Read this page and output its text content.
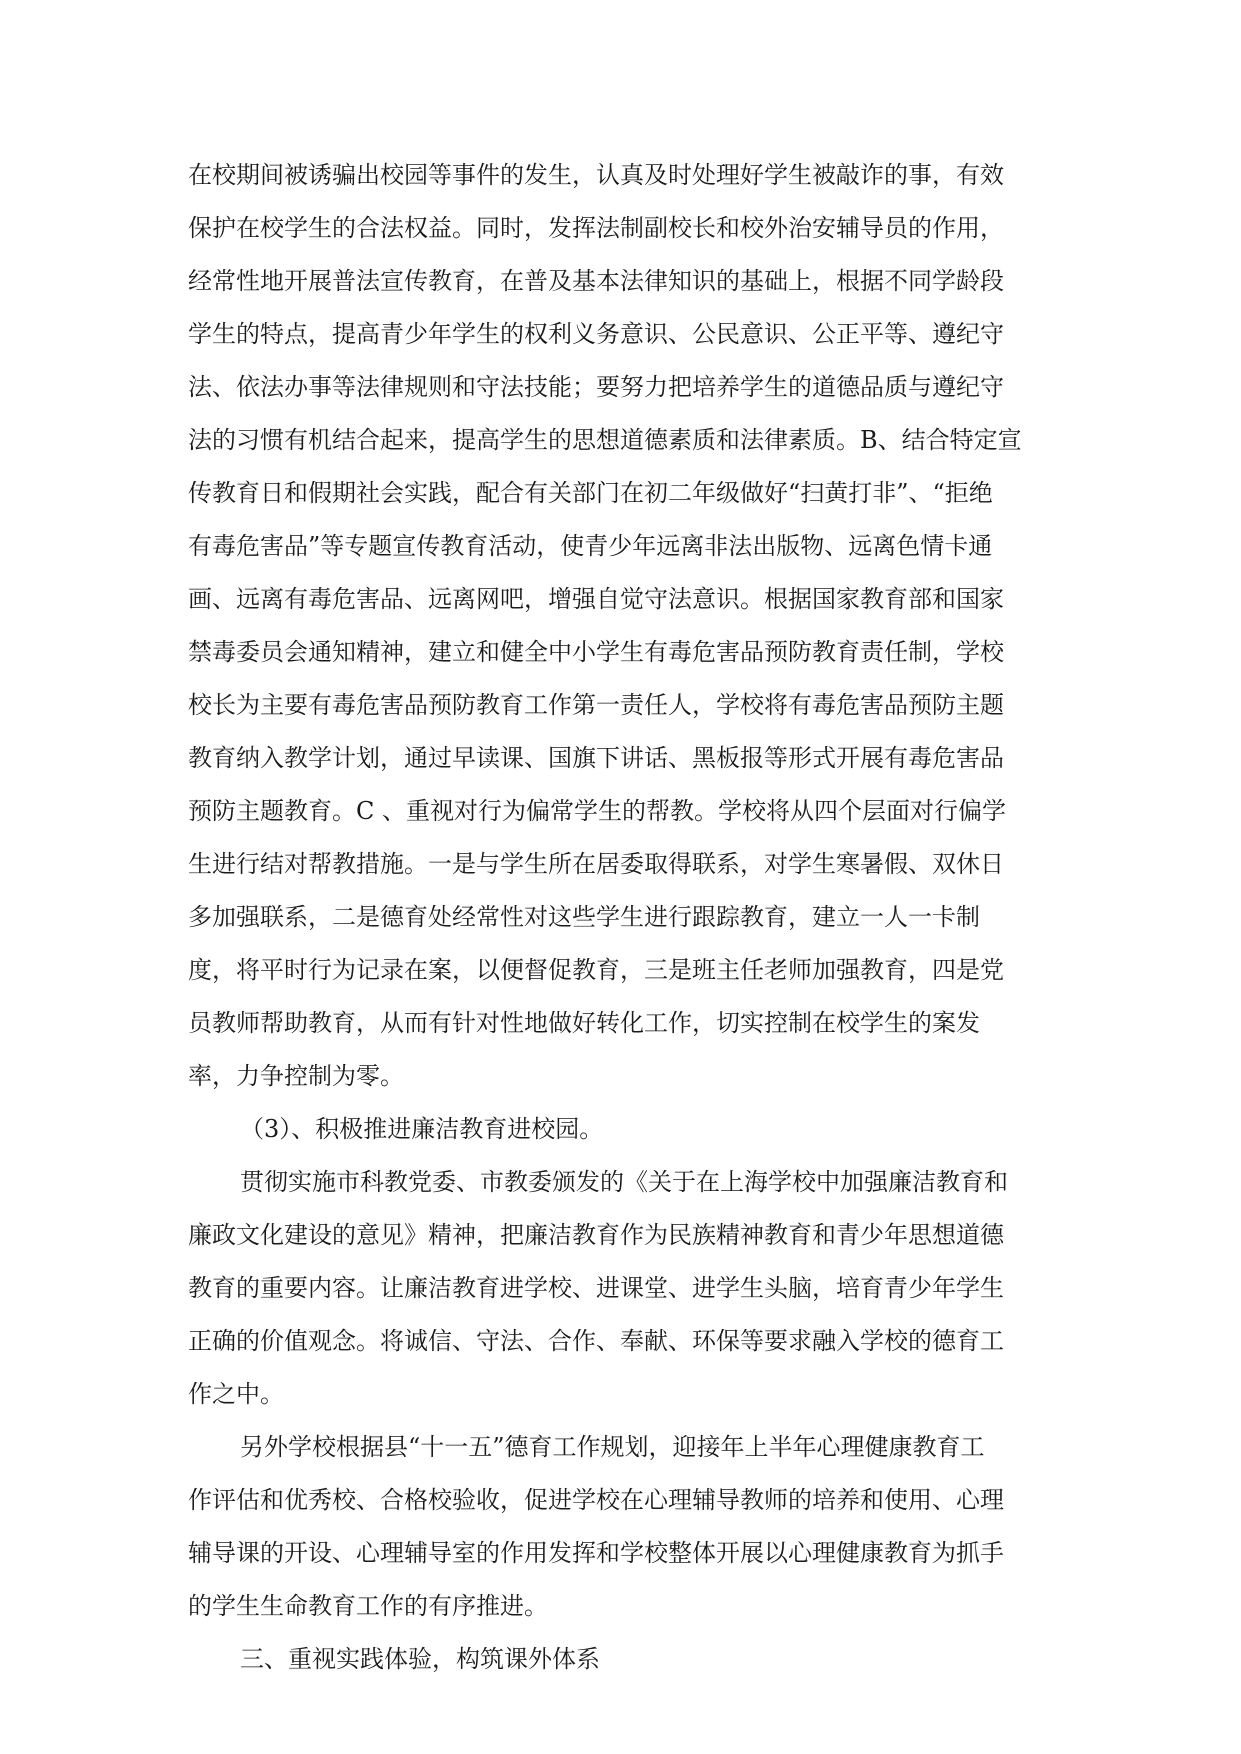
在校期间被诱骗出校园等事件的发生，认真及时处理好学生被敲诈的事，有效

保护在校学生的合法权益。同时，发挥法制副校长和校外治安辅导员的作用，

经常性地开展普法宣传教育，在普及基本法律知识的基础上，根据不同学龄段

学生的特点，提高青少年学生的权利义务意识、公民意识、公正平等、遵纪守

法、依法办事等法律规则和守法技能；要努力把培养学生的道德品质与遵纪守

法的习惯有机结合起来，提高学生的思想道德素质和法律素质。B、结合特定宣

传教育日和假期社会实践，配合有关部门在初二年级做好“扫黄打非”、“拒绝

有毒危害品”等专题宣传教育活动，使青少年远离非法出版物、远离色情卡通

画、远离有毒危害品、远离网吧，增强自觉守法意识。根据国家教育部和国家

禁毒委员会通知精神，建立和健全中小学生有毒危害品预防教育责任制，学校

校长为主要有毒危害品预防教育工作第一责任人，学校将有毒危害品预防主题

教育纳入教学计划，通过早读课、国旗下讲话、黑板报等形式开展有毒危害品

预防主题教育。C 、重视对行为偏常学生的帮教。学校将从四个层面对行偏学

生进行结对帮教措施。一是与学生所在居委取得联系，对学生寒暑假、双休日

多加强联系，二是德育处经常性对这些学生进行跟踪教育，建立一人一卡制

度，将平时行为记录在案，以便督促教育，三是班主任老师加强教育，四是党

员教师帮助教育，从而有针对性地做好转化工作，切实控制在校学生的案发

率，力争控制为零。

（3）、积极推进廉洁教育进校园。

贯彻实施市科教党委、市教委颁发的《关于在上海学校中加强廉洁教育和

廉政文化建设的意见》精神，把廉洁教育作为民族精神教育和青少年思想道德

教育的重要内容。让廉洁教育进学校、进课堂、进学生头脑，培育青少年学生

正确的价值观念。将诚信、守法、合作、奉献、环保等要求融入学校的德育工

作之中。

另外学校根据县“十一五”德育工作规划，迎接年上半年心理健康教育工

作评估和优秀校、合格校验收，促进学校在心理辅导教师的培养和使用、心理

辅导课的开设、心理辅导室的作用发挥和学校整体开展以心理健康教育为抓手

的学生生命教育工作的有序推进。

三、重视实践体验，构筑课外体系
